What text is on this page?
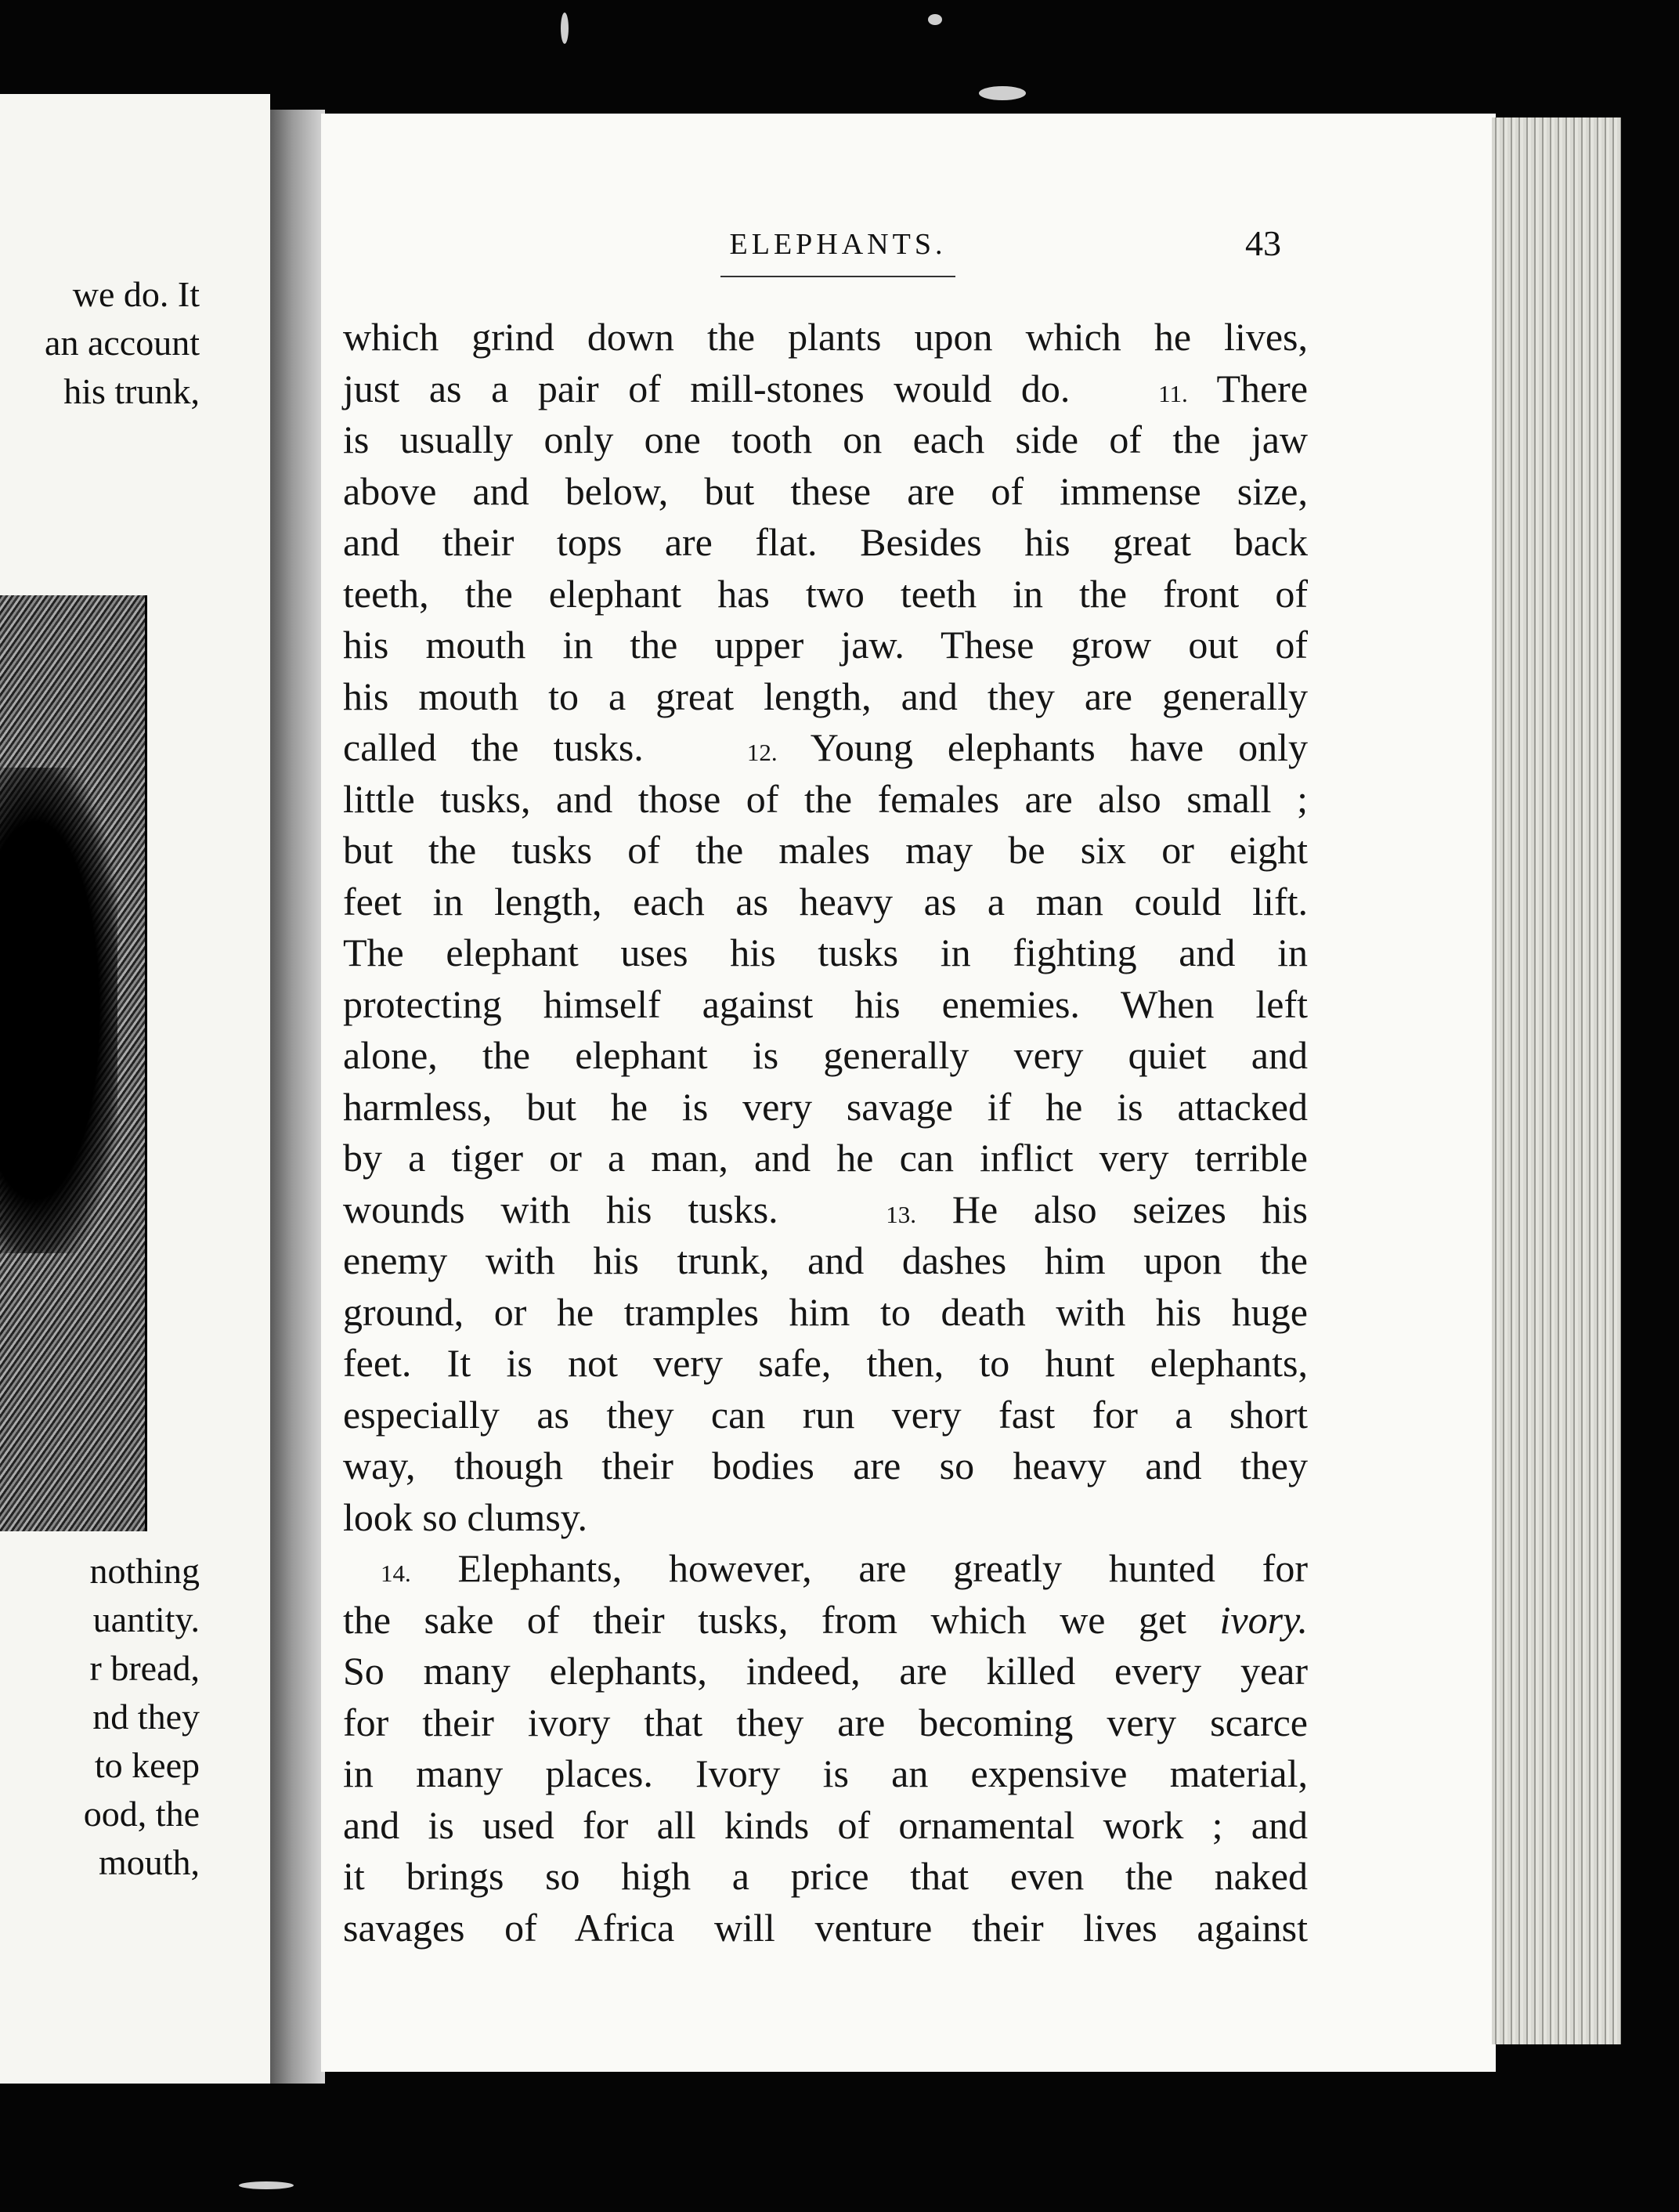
we do. It
an account
his trunk,
nothing
uantity.
r bread,
nd they
to keep
ood, the
mouth,
ELEPHANTS.	43
which grind down the plants upon which he lives,
just as a pair of mill-stones would do.	11. There
is usually only one tooth on each side of the jaw
above and below, but these are of immense size,
and their tops are flat. Besides his great back
teeth, the elephant has two teeth in the front of
his mouth in the upper jaw. These grow out of
his mouth to a great length, and they are generally
called the tusks.	12. Young elephants have only
little tusks, and those of the females are also small ;
but the tusks of the males may be six or eight
feet in length, each as heavy as a man could lift.
The elephant uses his tusks in fighting and in
protecting himself against his enemies. When left
alone, the elephant is generally very quiet and
harmless, but he is very savage if he is attacked
by a tiger or a man, and he can inflict very terrible
wounds with his tusks.	13. He also seizes his
enemy with his trunk, and dashes him upon the
ground, or he tramples him to death with his huge
feet. It is not very safe, then, to hunt elephants,
especially as they can run very fast for a short
way, though their bodies are so heavy and they
look so clumsy.
14. Elephants, however, are greatly hunted for
the sake of their tusks, from which we get ivory.
So many elephants, indeed, are killed every year
for their ivory that they are becoming very scarce
in many places. Ivory is an expensive material,
and is used for all kinds of ornamental work ; and
it brings so high a price that even the naked
savages of Africa will venture their lives against
